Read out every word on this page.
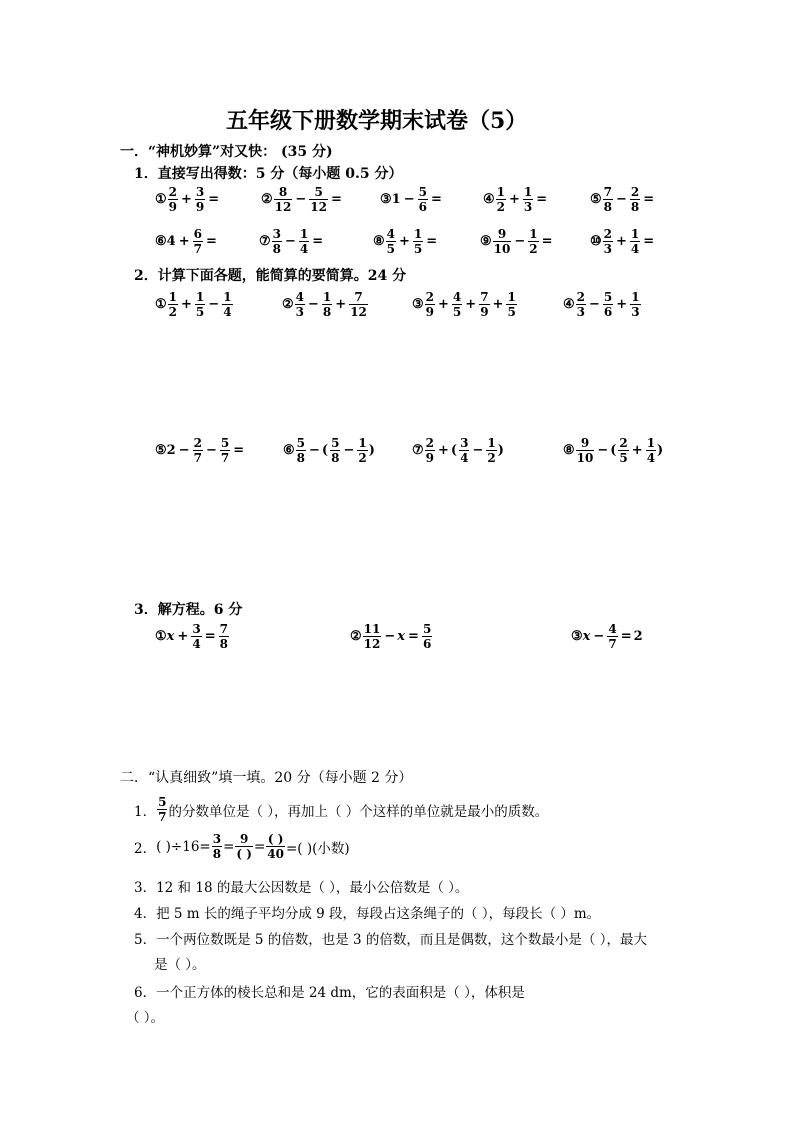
五年级下册数学期末试卷（5）
一．“神机妙算”对又快： (35 分)
1．直接写出得数：5 分（每小题 0.5 分）
① $\frac{2}{9} + \frac{3}{9}$ =	② $\frac{8}{12} - \frac{5}{12}$ =	③ $1 - \frac{5}{6}$ =	④ $\frac{1}{2} + \frac{1}{3}$ =	⑤ $\frac{7}{8} - \frac{2}{8}$ =
⑥ $4 + \frac{6}{7}$ =	⑦ $\frac{3}{8} - \frac{1}{4}$ =	⑧ $\frac{4}{5} + \frac{1}{5}$ =	⑨ $\frac{9}{10} - \frac{1}{2}$ =	⑩ $\frac{2}{3} + \frac{1}{4}$ =
2．计算下面各题，能简算的要简算。24 分
① $\frac{1}{2} + \frac{1}{5} - \frac{1}{4}$	② $\frac{4}{3} - \frac{1}{8} + \frac{7}{12}$	③ $\frac{2}{9} + \frac{4}{5} + \frac{7}{9} + \frac{1}{5}$	④ $\frac{2}{3} - \frac{5}{6} + \frac{1}{3}$
⑤ $2 - \frac{2}{7} - \frac{5}{7}$ =	⑥ $\frac{5}{8}$ − ( $\frac{5}{8} - \frac{1}{2}$ )	⑦ $\frac{2}{9}$ + ( $\frac{3}{4} - \frac{1}{2}$ )	⑧ $\frac{9}{10}$ − ( $\frac{2}{5} + \frac{1}{4}$ )
3．解方程。6 分
① $x + \frac{3}{4} = \frac{7}{8}$	② $\frac{11}{12} - x = \frac{5}{6}$	③ $x - \frac{4}{7} = 2$
二．“认真细致”填一填。20 分（每小题 2 分）
1． $\frac{5}{7}$ 的分数单位是（ ），再加上（ ）个这样的单位就是最小的质数。
2． ( )$\div 16= \frac{3}{8} = \frac{9}{( )} = \frac{( )}{40}$ =( )(小数)
3．12 和 18 的最大公因数是（ ），最小公倍数是（ ）。
4．把 5 m 长的绳子平均分成 9 段，每段占这条绳子的（ ），每段长（ ）m。
5．一个两位数既是 5 的倍数，也是 3 的倍数，而且是偶数，这个数最小是（ ），最大
是（ ）。
6．一个正方体的棱长总和是 24 dm，它的表面积是（ ），体积是
（ ）。
